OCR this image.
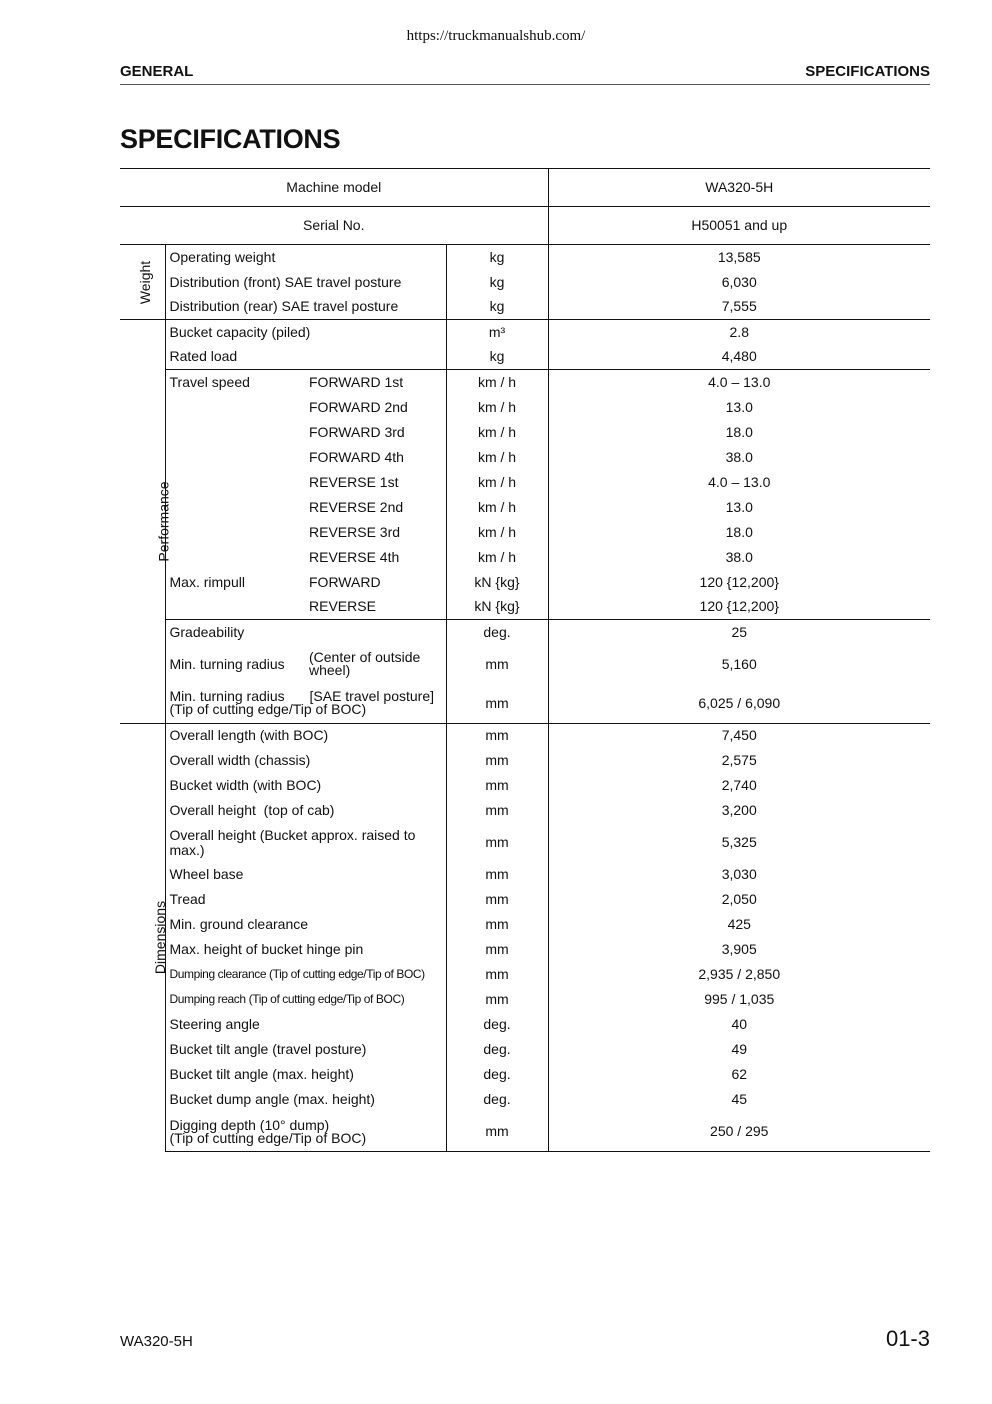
https://truckmanualshub.com/
GENERAL	SPECIFICATIONS
SPECIFICATIONS
Machine model				WA320-5H
Serial No.				H50051 and up
Weight	Operating weight		kg	13,585
	Distribution (front) SAE travel posture		kg	6,030
	Distribution (rear) SAE travel posture		kg	7,555
Performance	Bucket capacity (piled)		m³	2.8
	Rated load		kg	4,480
	Travel speed	FORWARD 1st	km / h	4.0 – 13.0
		FORWARD 2nd	km / h	13.0
		FORWARD 3rd	km / h	18.0
		FORWARD 4th	km / h	38.0
		REVERSE 1st	km / h	4.0 – 13.0
		REVERSE 2nd	km / h	13.0
		REVERSE 3rd	km / h	18.0
		REVERSE 4th	km / h	38.0
	Max. rimpull	FORWARD	kN {kg}	120 {12,200}
		REVERSE	kN {kg}	120 {12,200}
	Gradeability		deg.	25
	Min. turning radius	(Center of outside wheel)	mm	5,160

	Min. turning radius [SAE travel posture]
(Tip of cutting edge/Tip of BOC)		mm	6,025 / 6,090
Dimensions	Overall length (with BOC)		mm	7,450
	Overall width (chassis)		mm	2,575
	Bucket width (with BOC)		mm	2,740
	Overall height  (top of cab)		mm	3,200
	Overall height (Bucket approx. raised to max.)		mm	5,325
	Wheel base		mm	3,030
	Tread		mm	2,050
	Min. ground clearance		mm	425
	Max. height of bucket hinge pin		mm	3,905
	Dumping clearance (Tip of cutting edge/Tip of BOC)		mm	2,935 / 2,850
	Dumping reach (Tip of cutting edge/Tip of BOC)		mm	995 / 1,035
	Steering angle		deg.	40
	Bucket tilt angle (travel posture)		deg.	49
	Bucket tilt angle (max. height)		deg.	62
	Bucket dump angle (max. height)		deg.	45

	Digging depth (10° dump)
(Tip of cutting edge/Tip of BOC)		mm	250 / 295
WA320-5H	01-3
